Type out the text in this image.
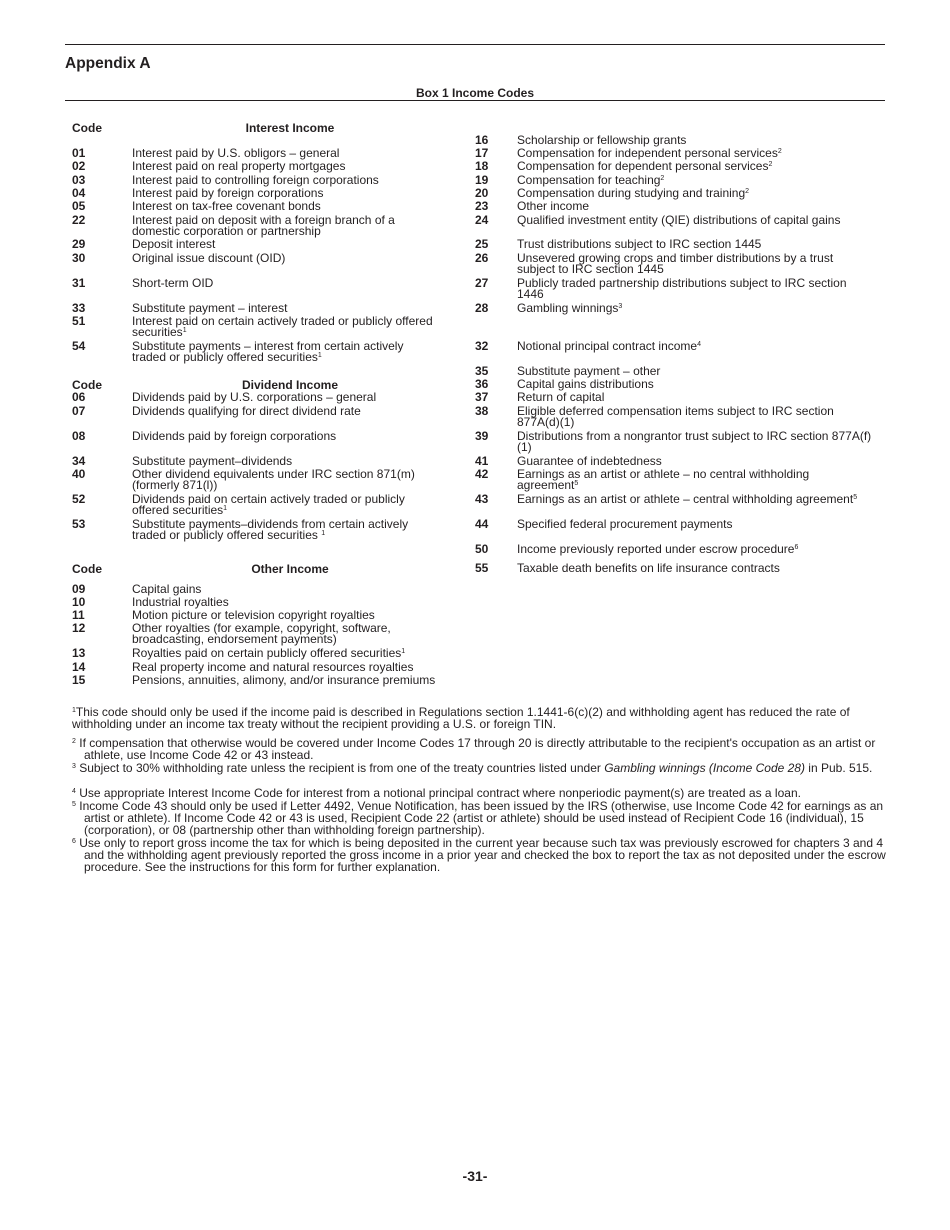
Appendix A
Box 1 Income Codes
Code	Interest Income
Code	Dividend Income
Code	Other Income
01	Interest paid by U.S. obligors – general
02	Interest paid on real property mortgages
03	Interest paid to controlling foreign corporations
04	Interest paid by foreign corporations
05	Interest on tax-free covenant bonds
22	Interest paid on deposit with a foreign branch of a
domestic corporation or partnership
29	Deposit interest
30	Original issue discount (OID)
31	Short-term OID
33	Substitute payment – interest
51	Interest paid on certain actively traded or publicly offered
securities$^1$
54	Substitute payments – interest from certain actively
traded or publicly offered securities$^1$
06	Dividends paid by U.S. corporations – general
07	Dividends qualifying for direct dividend rate
08	Dividends paid by foreign corporations
34	Substitute payment–dividends
40	Other dividend equivalents under IRC section 871(m)
(formerly 871(l))
52	Dividends paid on certain actively traded or publicly
offered securities$^1$
53	Substitute payments–dividends from certain actively
traded or publicly offered securities $^1$
09	Capital gains
10	Industrial royalties
11	Motion picture or television copyright royalties
12	Other royalties (for example, copyright, software,
broadcasting, endorsement payments)
13	Royalties paid on certain publicly offered securities$^1$
14	Real property income and natural resources royalties
15	Pensions, annuities, alimony, and/or insurance premiums
16 Scholarship or fellowship grants
17 Compensation for independent personal services$^2$
18 Compensation for dependent personal services$^2$
19 Compensation for teaching$^2$
20 Compensation during studying and training$^2$
23 Other income
24 Qualified investment entity (QIE) distributions of capital gains
25 Trust distributions subject to IRC section 1445
26 Unsevered growing crops and timber distributions by a trust
subject to IRC section 1445
27 Publicly traded partnership distributions subject to IRC section
1446
28 Gambling winnings$^3$
32 Notional principal contract income$^4$
35 Substitute payment – other
36 Capital gains distributions
37 Return of capital
38 Eligible deferred compensation items subject to IRC section
877A(d)(1)
39 Distributions from a nongrantor trust subject to IRC section 877A(f)
(1)
41 Guarantee of indebtedness
42 Earnings as an artist or athlete – no central withholding
agreement$^5$
43 Earnings as an artist or athlete – central withholding agreement$^5$
44 Specified federal procurement payments
50 Income previously reported under escrow procedure$^6$
55 Taxable death benefits on life insurance contracts
$^1$This code should only be used if the income paid is described in Regulations section 1.1441-6(c)(2) and withholding agent has reduced the rate of withholding under an income tax treaty without the recipient providing a U.S. or foreign TIN.
$^2$ If compensation that otherwise would be covered under Income Codes 17 through 20 is directly attributable to the recipient's occupation as an artist or athlete, use Income Code 42 or 43 instead.
$^3$ Subject to 30% withholding rate unless the recipient is from one of the treaty countries listed under Gambling winnings (Income Code 28) in Pub. 515.
$^4$ Use appropriate Interest Income Code for interest from a notional principal contract where nonperiodic payment(s) are treated as a loan.
$^5$ Income Code 43 should only be used if Letter 4492, Venue Notification, has been issued by the IRS (otherwise, use Income Code 42 for earnings as an artist or athlete). If Income Code 42 or 43 is used, Recipient Code 22 (artist or athlete) should be used instead of Recipient Code 16 (individual), 15 (corporation), or 08 (partnership other than withholding foreign partnership).
$^6$ Use only to report gross income the tax for which is being deposited in the current year because such tax was previously escrowed for chapters 3 and 4 and the withholding agent previously reported the gross income in a prior year and checked the box to report the tax as not deposited under the escrow procedure. See the instructions for this form for further explanation.
-31-
